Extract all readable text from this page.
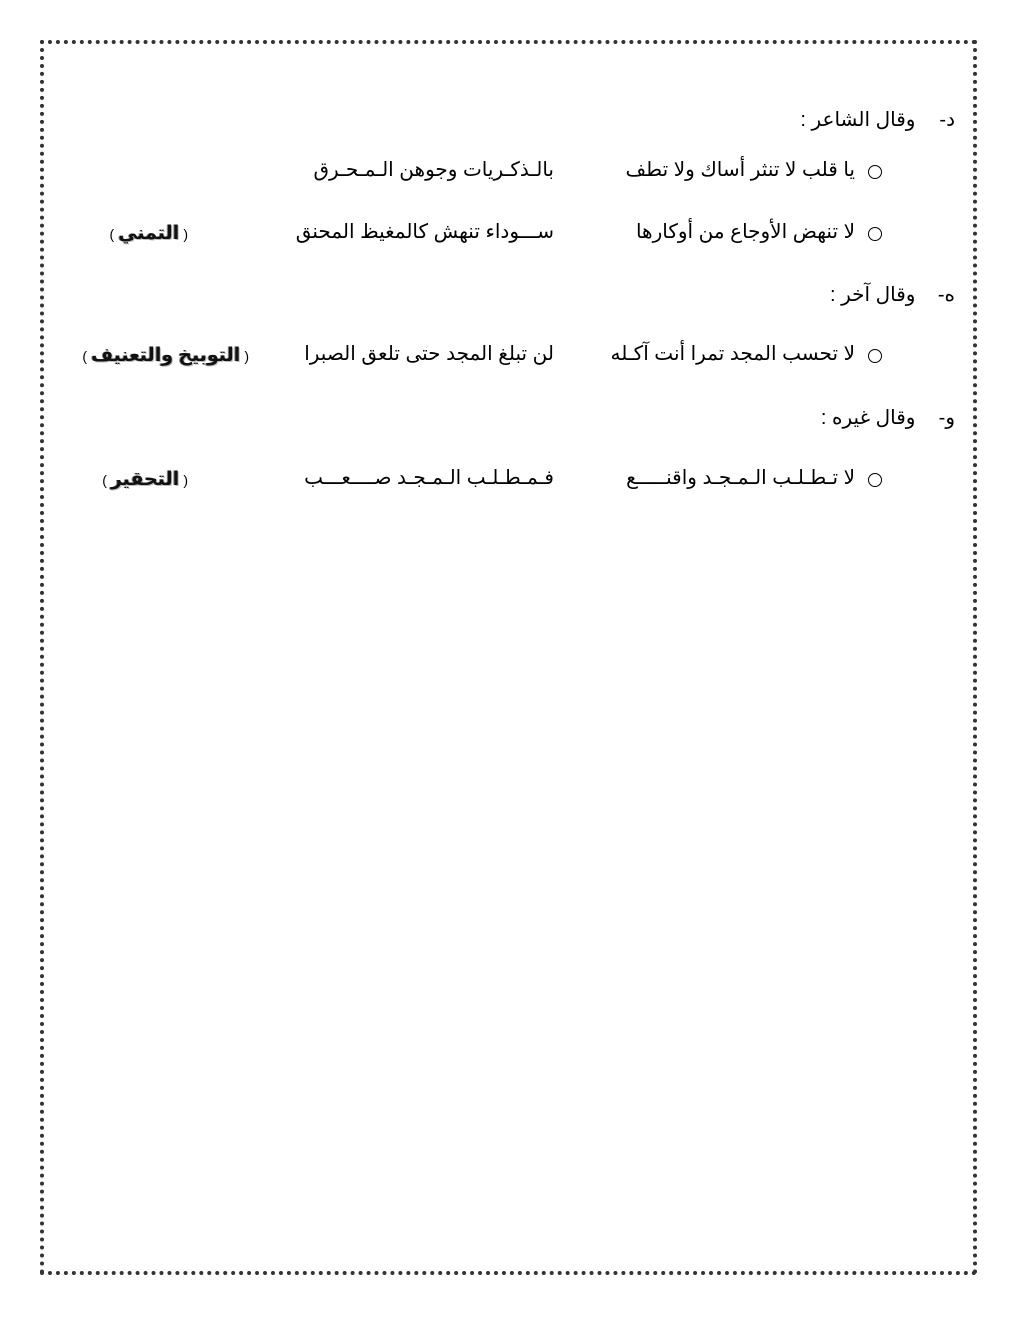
د- وقال الشاعر :
يا قلب لا تنثر أساك ولا تطف
بالـذكـريات وجوهن الـمـحـرق
لا تنهض الأوجاع من أوكارها
ســـوداء تنهش كالمغيظ المحنق
(التمني)
ه- وقال آخر :
لا تحسب المجد تمرا أنت آكـله
لن تبلغ المجد حتى تلعق الصبرا
(التوبيخ والتعنيف)
و- وقال غيره :
لا تـطـلـب الـمـجـد واقنـــــع
فـمـطـلـب الـمـجـد صــــعـــب
(التحقير)
